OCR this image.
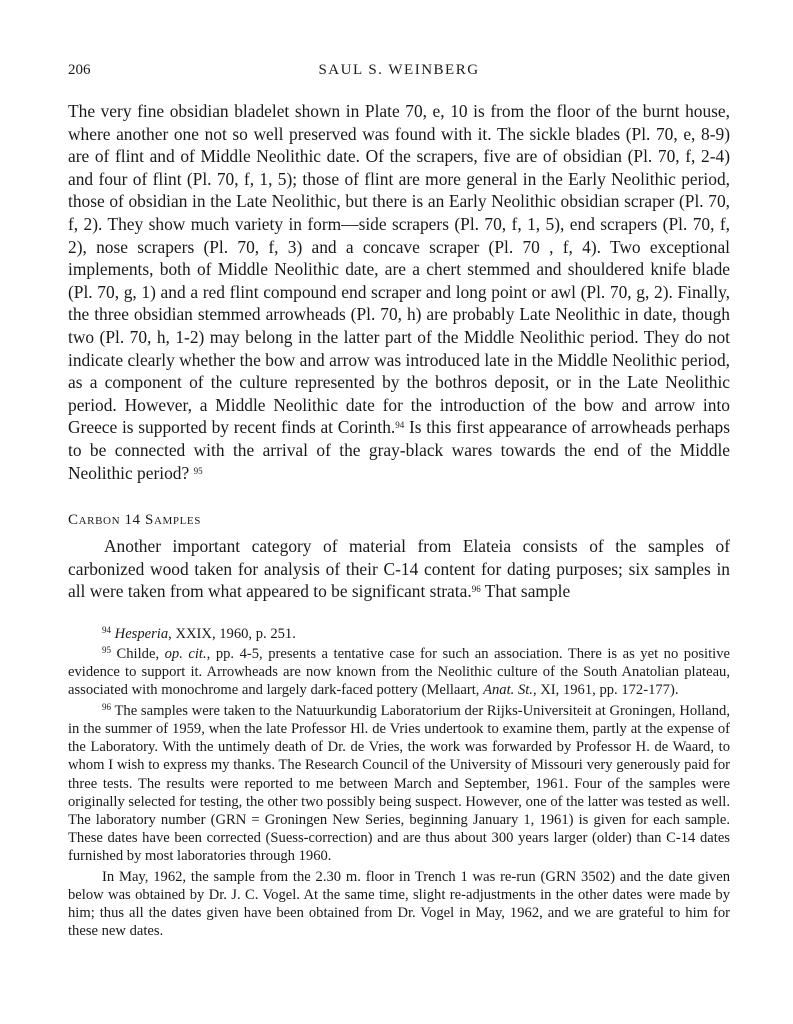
206	SAUL S. WEINBERG

The very fine obsidian bladelet shown in Plate 70, e, 10 is from the floor of the burnt house, where another one not so well preserved was found with it. The sickle blades (Pl. 70, e, 8-9) are of flint and of Middle Neolithic date. Of the scrapers, five are of obsidian (Pl. 70, f, 2-4) and four of flint (Pl. 70, f, 1, 5); those of flint are more general in the Early Neolithic period, those of obsidian in the Late Neolithic, but there is an Early Neolithic obsidian scraper (Pl. 70, f, 2). They show much variety in form—side scrapers (Pl. 70, f, 1, 5), end scrapers (Pl. 70, f, 2), nose scrapers (Pl. 70, f, 3) and a concave scraper (Pl. 70 , f, 4). Two exceptional implements, both of Middle Neolithic date, are a chert stemmed and shouldered knife blade (Pl. 70, g, 1) and a red flint compound end scraper and long point or awl (Pl. 70, g, 2). Finally, the three obsidian stemmed arrowheads (Pl. 70, h) are probably Late Neolithic in date, though two (Pl. 70, h, 1-2) may belong in the latter part of the Middle Neolithic period. They do not indicate clearly whether the bow and arrow was introduced late in the Middle Neolithic period, as a component of the culture represented by the bothros deposit, or in the Late Neolithic period. However, a Middle Neolithic date for the introduction of the bow and arrow into Greece is supported by recent finds at Corinth.$^{94}$ Is this first appearance of arrowheads perhaps to be connected with the arrival of the gray-black wares towards the end of the Middle Neolithic period? $^{95}$

Carbon 14 Samples

Another important category of material from Elateia consists of the samples of carbonized wood taken for analysis of their C-14 content for dating purposes; six samples in all were taken from what appeared to be significant strata.$^{96}$ That sample

$^{94}$ Hesperia, XXIX, 1960, p. 251.

$^{95}$ Childe, op. cit., pp. 4-5, presents a tentative case for such an association. There is as yet no positive evidence to support it. Arrowheads are now known from the Neolithic culture of the South Anatolian plateau, associated with monochrome and largely dark-faced pottery (Mellaart, Anat. St., XI, 1961, pp. 172-177).

$^{96}$ The samples were taken to the Natuurkundig Laboratorium der Rijks-Universiteit at Groningen, Holland, in the summer of 1959, when the late Professor Hl. de Vries undertook to examine them, partly at the expense of the Laboratory. With the untimely death of Dr. de Vries, the work was forwarded by Professor H. de Waard, to whom I wish to express my thanks. The Research Council of the University of Missouri very generously paid for three tests. The results were reported to me between March and September, 1961. Four of the samples were originally selected for testing, the other two possibly being suspect. However, one of the latter was tested as well. The laboratory number (GRN = Groningen New Series, beginning January 1, 1961) is given for each sample. These dates have been corrected (Suess-correction) and are thus about 300 years larger (older) than C-14 dates furnished by most laboratories through 1960.

In May, 1962, the sample from the 2.30 m. floor in Trench 1 was re-run (GRN 3502) and the date given below was obtained by Dr. J. C. Vogel. At the same time, slight re-adjustments in the other dates were made by him; thus all the dates given have been obtained from Dr. Vogel in May, 1962, and we are grateful to him for these new dates.
